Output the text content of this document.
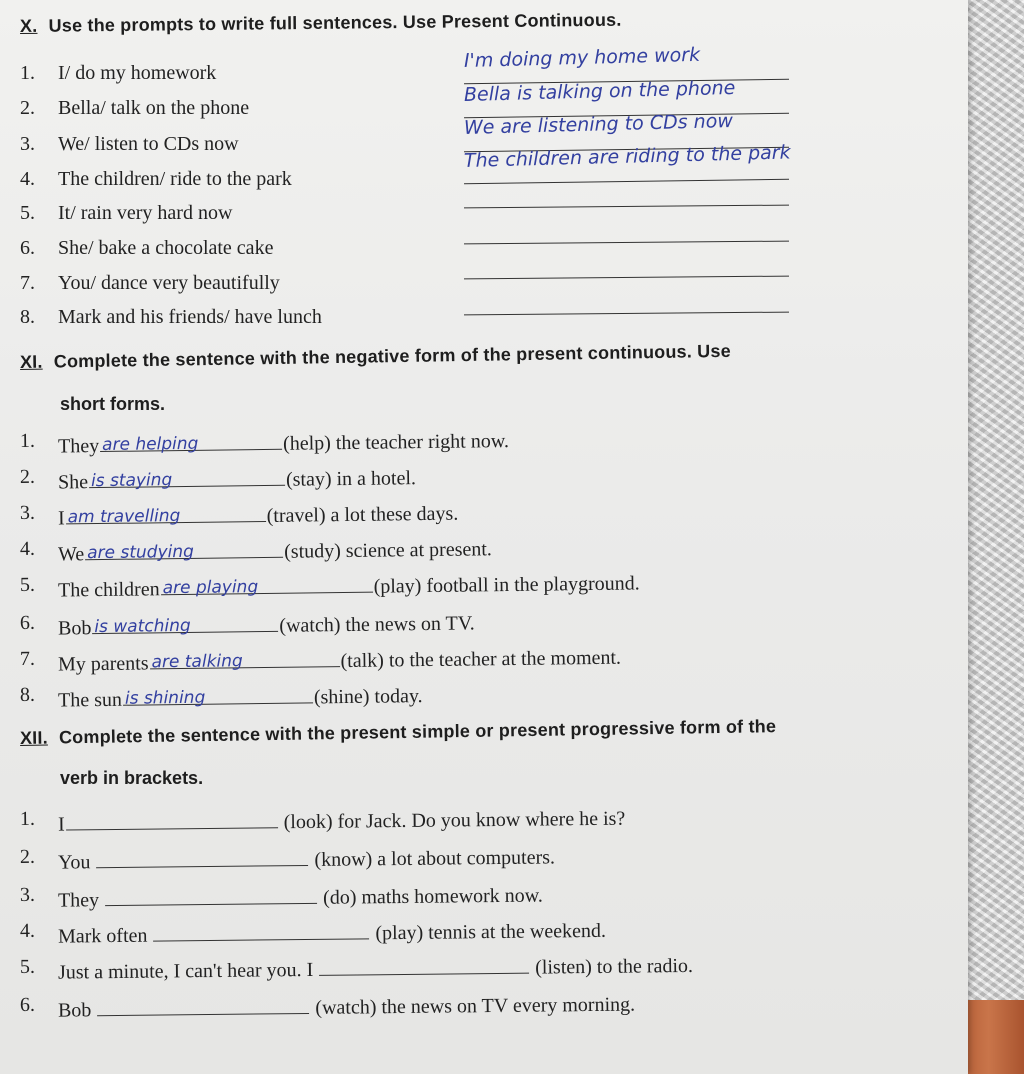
X. Use the prompts to write full sentences. Use Present Continuous.
1.	I/ do my homework
I'm doing my home work
2.	Bella/ talk on the phone
Bella is talking on the phone
3.	We/ listen to CDs now
We are listening to CDs now
4.	The children/ ride to the park
The children are riding to the park
5.	It/ rain very hard now
6.	She/ bake a chocolate cake
7.	You/ dance very beautifully
8.	Mark and his friends/ have lunch
XI. Complete the sentence with the negative form of the present continuous. Use
short forms.
1.	They are helping	(help) the teacher right now.
2.	She is staying	(stay) in a hotel.
3.	I am travelling	(travel) a lot these days.
4.	We are studying	(study) science at present.
5.	The children are playing	(play) football in the playground.
6.	Bob is watching	(watch) the news on TV.
7.	My parents are talking	(talk) to the teacher at the moment.
8.	The sun is shining	(shine) today.
XII. Complete the sentence with the present simple or present progressive form of the
verb in brackets.
1.	I	(look) for Jack. Do you know where he is?
2.	You	(know) a lot about computers.
3.	They	(do) maths homework now.
4.	Mark often	(play) tennis at the weekend.
5.	Just a minute, I can't hear you. I	(listen) to the radio.
6.	Bob	(watch) the news on TV every morning.
